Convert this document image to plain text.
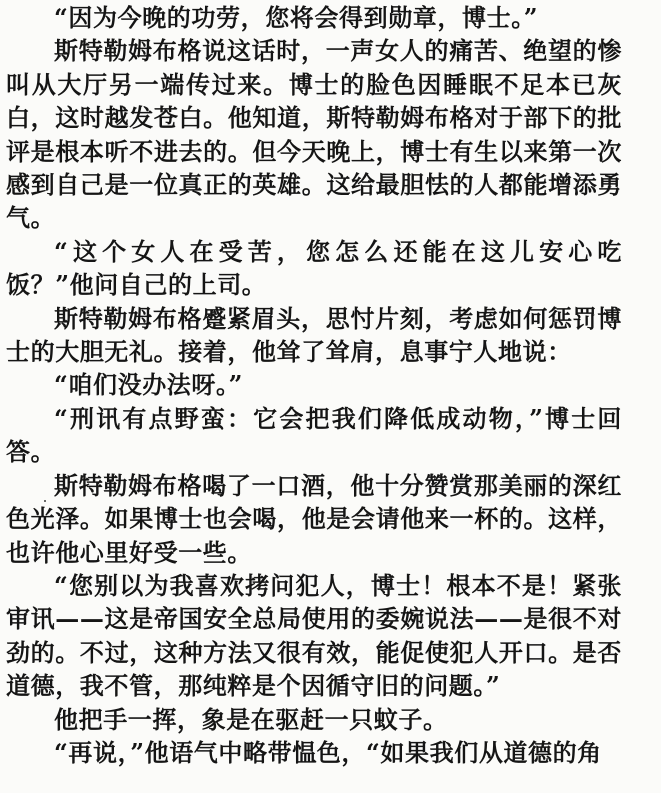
“因为今晚的功劳，您将会得到勋章，博士。”

斯特勒姆布格说这话时，一声女人的痛苦、绝望的惨叫从大厅另一端传过来。博士的脸色因睡眠不足本已灰白，这时越发苍白。他知道，斯特勒姆布格对于部下的批评是根本听不进去的。但今天晚上，博士有生以来第一次感到自己是一位真正的英雄。这给最胆怯的人都能增添勇气。

“这个女人在受苦，您怎么还能在这儿安心吃饭？”他问自己的上司。

斯特勒姆布格蹙紧眉头，思忖片刻，考虑如何惩罚博士的大胆无礼。接着，他耸了耸肩，息事宁人地说：

“咱们没办法呀。”

“刑讯有点野蛮：它会把我们降低成动物，”博士回答。

斯特勒姆布格喝了一口酒，他十分赞赏那美丽的深红色光泽。如果博士也会喝，他是会请他来一杯的。这样，也许他心里好受一些。

“您别以为我喜欢拷问犯人，博士！根本不是！紧张审讯——这是帝国安全总局使用的委婉说法——是很不对劲的。不过，这种方法又很有效，能促使犯人开口。是否道德，我不管，那纯粹是个因循守旧的问题。”

他把手一挥，象是在驱赶一只蚊子。

“再说，”他语气中略带愠色，“如果我们从道德的角
